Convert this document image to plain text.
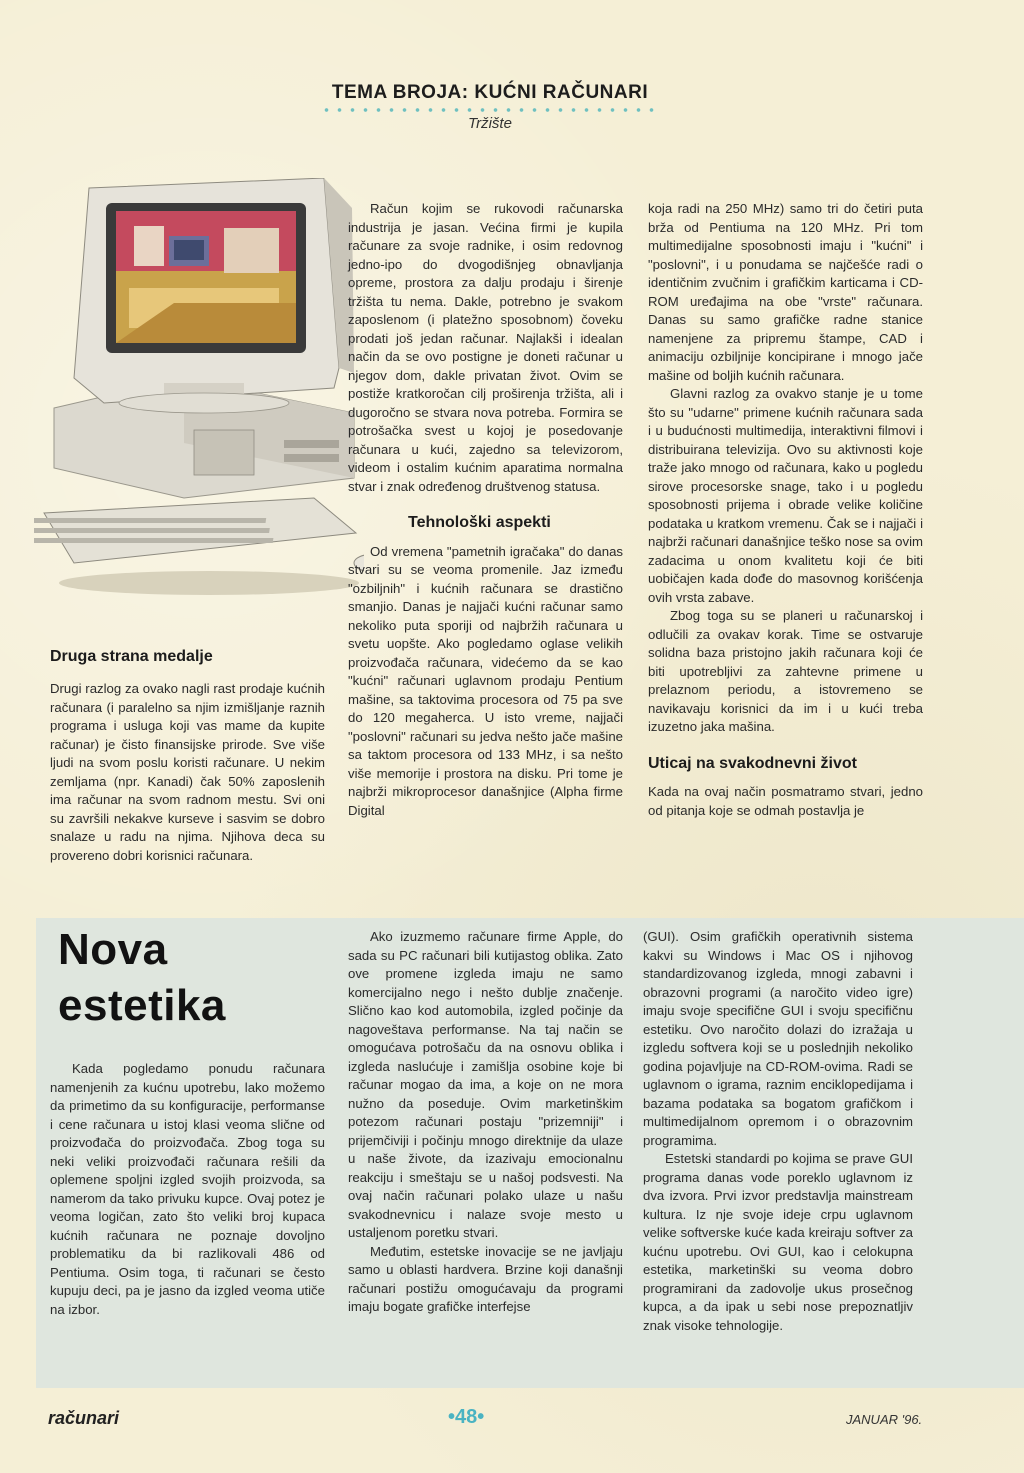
TEMA BROJA: KUĆNI RAČUNARI
Tržište
Druga strana medalje

Drugi razlog za ovako nagli rast prodaje kućnih računara (i paralelno sa njim izmišljanje raznih programa i usluga koji vas mame da kupite računar) je čisto finansijske prirode. Sve više ljudi na svom poslu koristi računare. U nekim zemljama (npr. Kanadi) čak 50% zaposlenih ima računar na svom radnom mestu. Svi oni su završili nekakve kurseve i sasvim se dobro snalaze u radu na njima. Njihova deca su provereno dobri korisnici računara.

Račun kojim se rukovodi računarska industrija je jasan. Većina firmi je kupila računare za svoje radnike, i osim redovnog jedno-ipo do dvogodišnjeg obnavljanja opreme, prostora za dalju prodaju i širenje tržišta tu nema. Dakle, potrebno je svakom zaposlenom (i platežno sposobnom) čoveku prodati još jedan računar. Najlakši i idealan način da se ovo postigne je doneti računar u njegov dom, dakle privatan život. Ovim se postiže kratkoročan cilj proširenja tržišta, ali i dugoročno se stvara nova potreba. Formira se potrošačka svest u kojoj je posedovanje računara u kući, zajedno sa televizorom, videom i ostalim kućnim aparatima normalna stvar i znak određenog društvenog statusa.

Tehnološki aspekti

Od vremena "pametnih igračaka" do danas stvari su se veoma promenile. Jaz između "ozbiljnih" i kućnih računara se drastično smanjio. Danas je najjači kućni računar samo nekoliko puta sporiji od najbržih računara u svetu uopšte. Ako pogledamo oglase velikih proizvođača računara, videćemo da se kao "kućni" računari uglavnom prodaju Pentium mašine, sa taktovima procesora od 75 pa sve do 120 megaherca. U isto vreme, najjači "poslovni" računari su jedva nešto jače mašine sa taktom procesora od 133 MHz, i sa nešto više memorije i prostora na disku. Pri tome je najbrži mikroprocesor današnjice (Alpha firme Digital

koja radi na 250 MHz) samo tri do četiri puta brža od Pentiuma na 120 MHz. Pri tom multimedijalne sposobnosti imaju i "kućni" i "poslovni", i u ponudama se najčešće radi o identičnim zvučnim i grafičkim karticama i CD-ROM uređajima na obe "vrste" računara. Danas su samo grafičke radne stanice namenjene za pripremu štampe, CAD i animaciju ozbiljnije koncipirane i mnogo jače mašine od boljih kućnih računara.

Glavni razlog za ovakvo stanje je u tome što su "udarne" primene kućnih računara sada i u budućnosti multimedija, interaktivni filmovi i distribuirana televizija. Ovo su aktivnosti koje traže jako mnogo od računara, kako u pogledu sirove procesorske snage, tako i u pogledu sposobnosti prijema i obrade velike količine podataka u kratkom vremenu. Čak se i najjači i najbrži računari današnjice teško nose sa ovim zadacima u onom kvalitetu koji će biti uobičajen kada dođe do masovnog korišćenja ovih vrsta zabave.

Zbog toga su se planeri u računarskoj i odlučili za ovakav korak. Time se ostvaruje solidna baza pristojno jakih računara koji će biti upotrebljivi za zahtevne primene u prelaznom periodu, a istovremeno se navikavaju korisnici da im i u kući treba izuzetno jaka mašina.

Uticaj na svakodnevni život

Kada na ovaj način posmatramo stvari, jedno od pitanja koje se odmah postavlja je

Nova
estetika

Kada pogledamo ponudu računara namenjenih za kućnu upotrebu, lako možemo da primetimo da su konfiguracije, performanse i cene računara u istoj klasi veoma slične od proizvođača do proizvođača. Zbog toga su neki veliki proizvođači računara rešili da oplemene spoljni izgled svojih proizvoda, sa namerom da tako privuku kupce. Ovaj potez je veoma logičan, zato što veliki broj kupaca kućnih računara ne poznaje dovoljno problematiku da bi razlikovali 486 od Pentiuma. Osim toga, ti računari se često kupuju deci, pa je jasno da izgled veoma utiče na izbor.

Ako izuzmemo računare firme Apple, do sada su PC računari bili kutijastog oblika. Zato ove promene izgleda imaju ne samo komercijalno nego i nešto dublje značenje. Slično kao kod automobila, izgled počinje da nagoveštava performanse. Na taj način se omogućava potrošaču da na osnovu oblika i izgleda naslućuje i zamišlja osobine koje bi računar mogao da ima, a koje on ne mora nužno da poseduje. Ovim marketinškim potezom računari postaju "prizemniji" i prijemčiviji i počinju mnogo direktnije da ulaze u naše živote, da izazivaju emocionalnu reakciju i smeštaju se u našoj podsvesti. Na ovaj način računari polako ulaze u našu svakodnevnicu i nalaze svoje mesto u ustaljenom poretku stvari.

Međutim, estetske inovacije se ne javljaju samo u oblasti hardvera. Brzine koji današnji računari postižu omogućavaju da programi imaju bogate grafičke interfejse

(GUI). Osim grafičkih operativnih sistema kakvi su Windows i Mac OS i njihovog standardizovanog izgleda, mnogi zabavni i obrazovni programi (a naročito video igre) imaju svoje specifične GUI i svoju specifičnu estetiku. Ovo naročito dolazi do izražaja u izgledu softvera koji se u poslednjih nekoliko godina pojavljuje na CD-ROM-ovima. Radi se uglavnom o igrama, raznim enciklopedijama i bazama podataka sa bogatom grafičkom i multimedijalnom opremom i o obrazovnim programima.

Estetski standardi po kojima se prave GUI programa danas vode poreklo uglavnom iz dva izvora. Prvi izvor predstavlja mainstream kultura. Iz nje svoje ideje crpu uglavnom velike softverske kuće kada kreiraju softver za kućnu upotrebu. Ovi GUI, kao i celokupna estetika, marketinški su veoma dobro programirani da zadovolje ukus prosečnog kupca, a da ipak u sebi nose prepoznatljiv znak visoke tehnologije.

računari	•48•	JANUAR '96.
